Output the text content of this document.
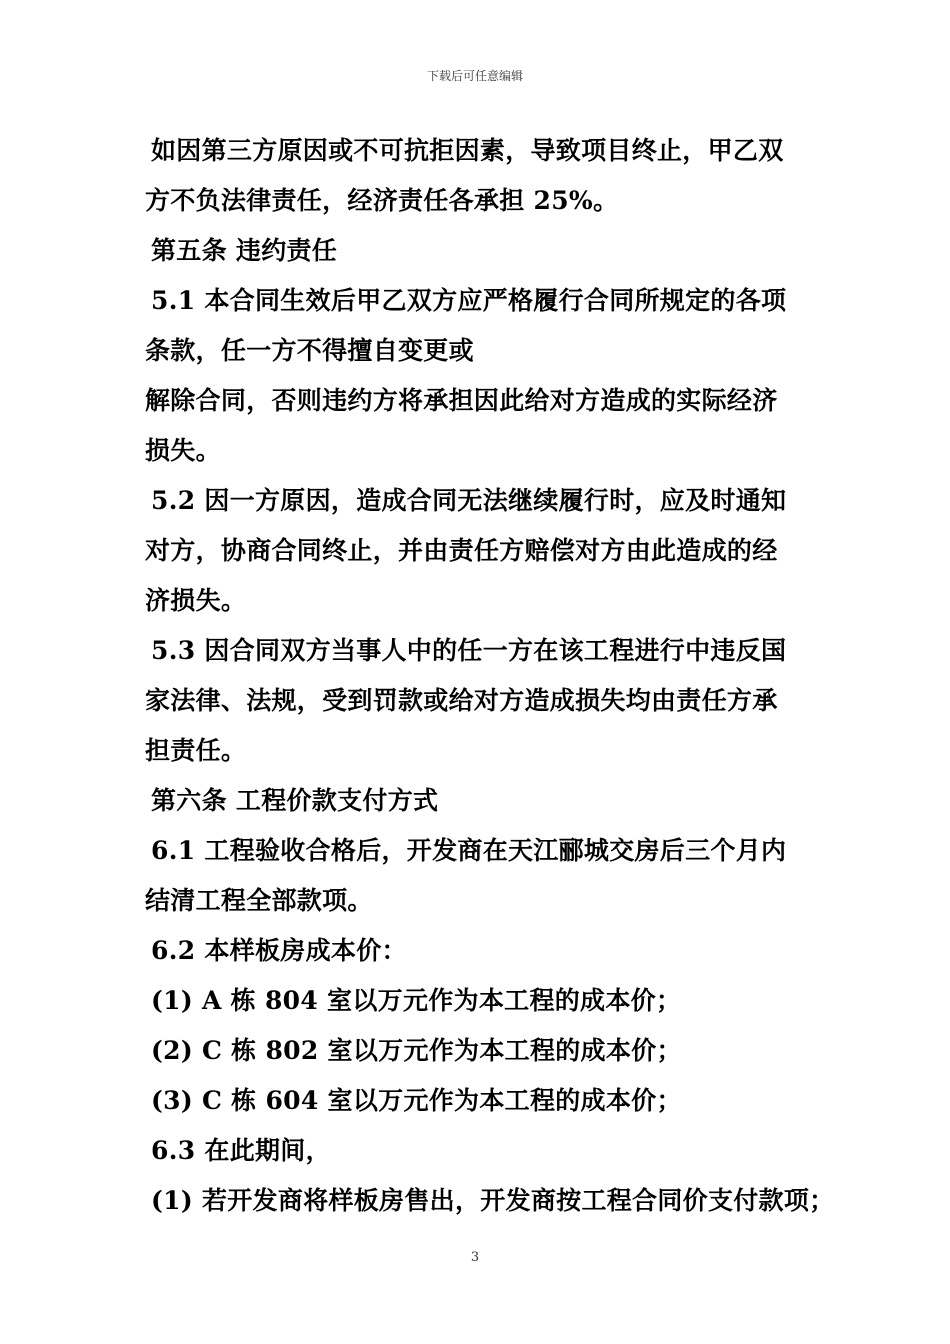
下载后可任意编辑
如因第三方原因或不可抗拒因素，导致项目终止，甲乙双
方不负法律责任，经济责任各承担 25%。
第五条 违约责任
5.1 本合同生效后甲乙双方应严格履行合同所规定的各项
条款，任一方不得擅自变更或
解除合同，否则违约方将承担因此给对方造成的实际经济
损失。
5.2 因一方原因，造成合同无法继续履行时，应及时通知
对方，协商合同终止，并由责任方赔偿对方由此造成的经
济损失。
5.3 因合同双方当事人中的任一方在该工程进行中违反国
家法律、法规，受到罚款或给对方造成损失均由责任方承
担责任。
第六条 工程价款支付方式
6.1 工程验收合格后，开发商在天江郦城交房后三个月内
结清工程全部款项。
6.2 本样板房成本价：
(1) A 栋 804 室以万元作为本工程的成本价；
(2) C 栋 802 室以万元作为本工程的成本价；
(3) C 栋 604 室以万元作为本工程的成本价；
6.3 在此期间，
(1) 若开发商将样板房售出，开发商按工程合同价支付款项；
3
